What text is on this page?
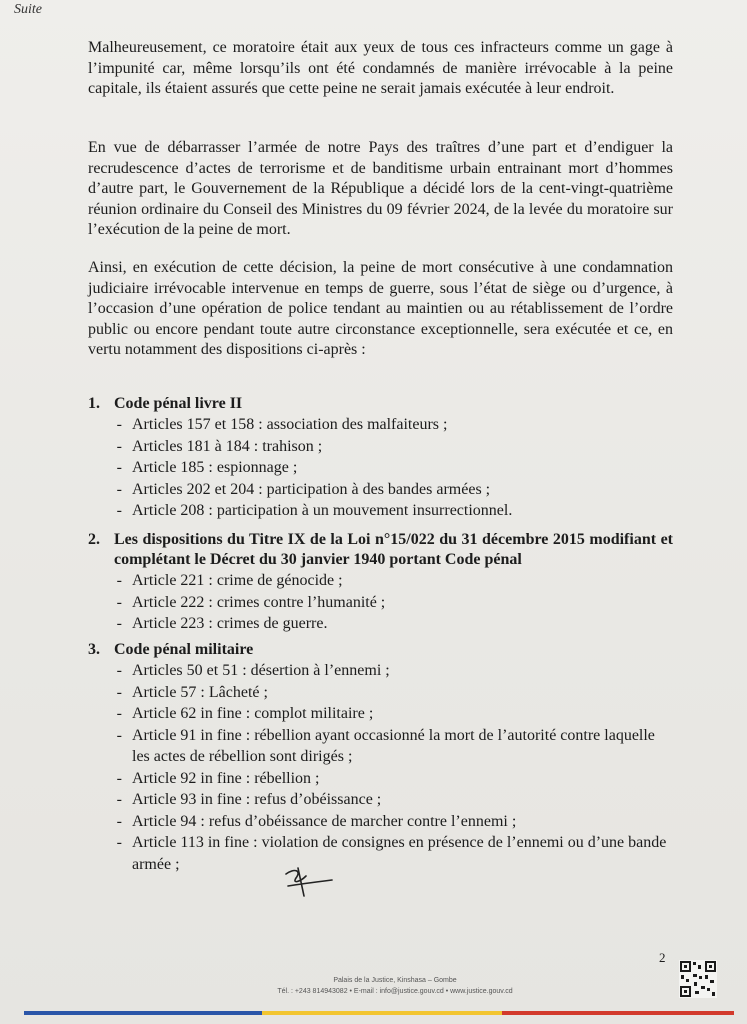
Suite

Malheureusement, ce moratoire était aux yeux de tous ces infracteurs comme un gage à l’impunité car, même lorsqu’ils ont été condamnés de manière irrévocable à la peine capitale, ils étaient assurés que cette peine ne serait jamais exécutée à leur endroit.

En vue de débarrasser l’armée de notre Pays des traîtres d’une part et d’endiguer la recrudescence d’actes de terrorisme et de banditisme urbain entrainant mort d’hommes d’autre part, le Gouvernement de la République a décidé lors de la cent-vingt-quatrième réunion ordinaire du Conseil des Ministres du 09 février 2024, de la levée du moratoire sur l’exécution de la peine de mort.

Ainsi, en exécution de cette décision, la peine de mort consécutive à une condamnation judiciaire irrévocable intervenue en temps de guerre, sous l’état de siège ou d’urgence, à l’occasion d’une opération de police tendant au maintien ou au rétablissement de l’ordre public ou encore pendant toute autre circonstance exceptionnelle, sera exécutée et ce, en vertu notamment des dispositions ci-après :

1. Code pénal livre II
- Articles 157 et 158 : association des malfaiteurs ;
- Articles 181 à 184 : trahison ;
- Article 185 : espionnage ;
- Articles 202 et 204 : participation à des bandes armées ;
- Article 208 : participation à un mouvement insurrectionnel.
2. Les dispositions du Titre IX de la Loi n°15/022 du 31 décembre 2015 modifiant et complétant le Décret du 30 janvier 1940 portant Code pénal
- Article 221 : crime de génocide ;
- Article 222 : crimes contre l’humanité ;
- Article 223 : crimes de guerre.
3. Code pénal militaire
- Articles 50 et 51 : désertion à l’ennemi ;
- Article 57 : Lâcheté ;
- Article 62 in fine : complot militaire ;
- Article 91 in fine : rébellion ayant occasionné la mort de l’autorité contre laquelle les actes de rébellion sont dirigés ;
- Article 92 in fine : rébellion ;
- Article 93 in fine : refus d’obéissance ;
- Article 94 : refus d’obéissance de marcher contre l’ennemi ;
- Article 113 in fine : violation de consignes en présence de l’ennemi ou d’une bande armée ;
2
Palais de la Justice, Kinshasa – Gombe
Tél. : +243 814943082 • E-mail : info@justice.gouv.cd • www.justice.gouv.cd
